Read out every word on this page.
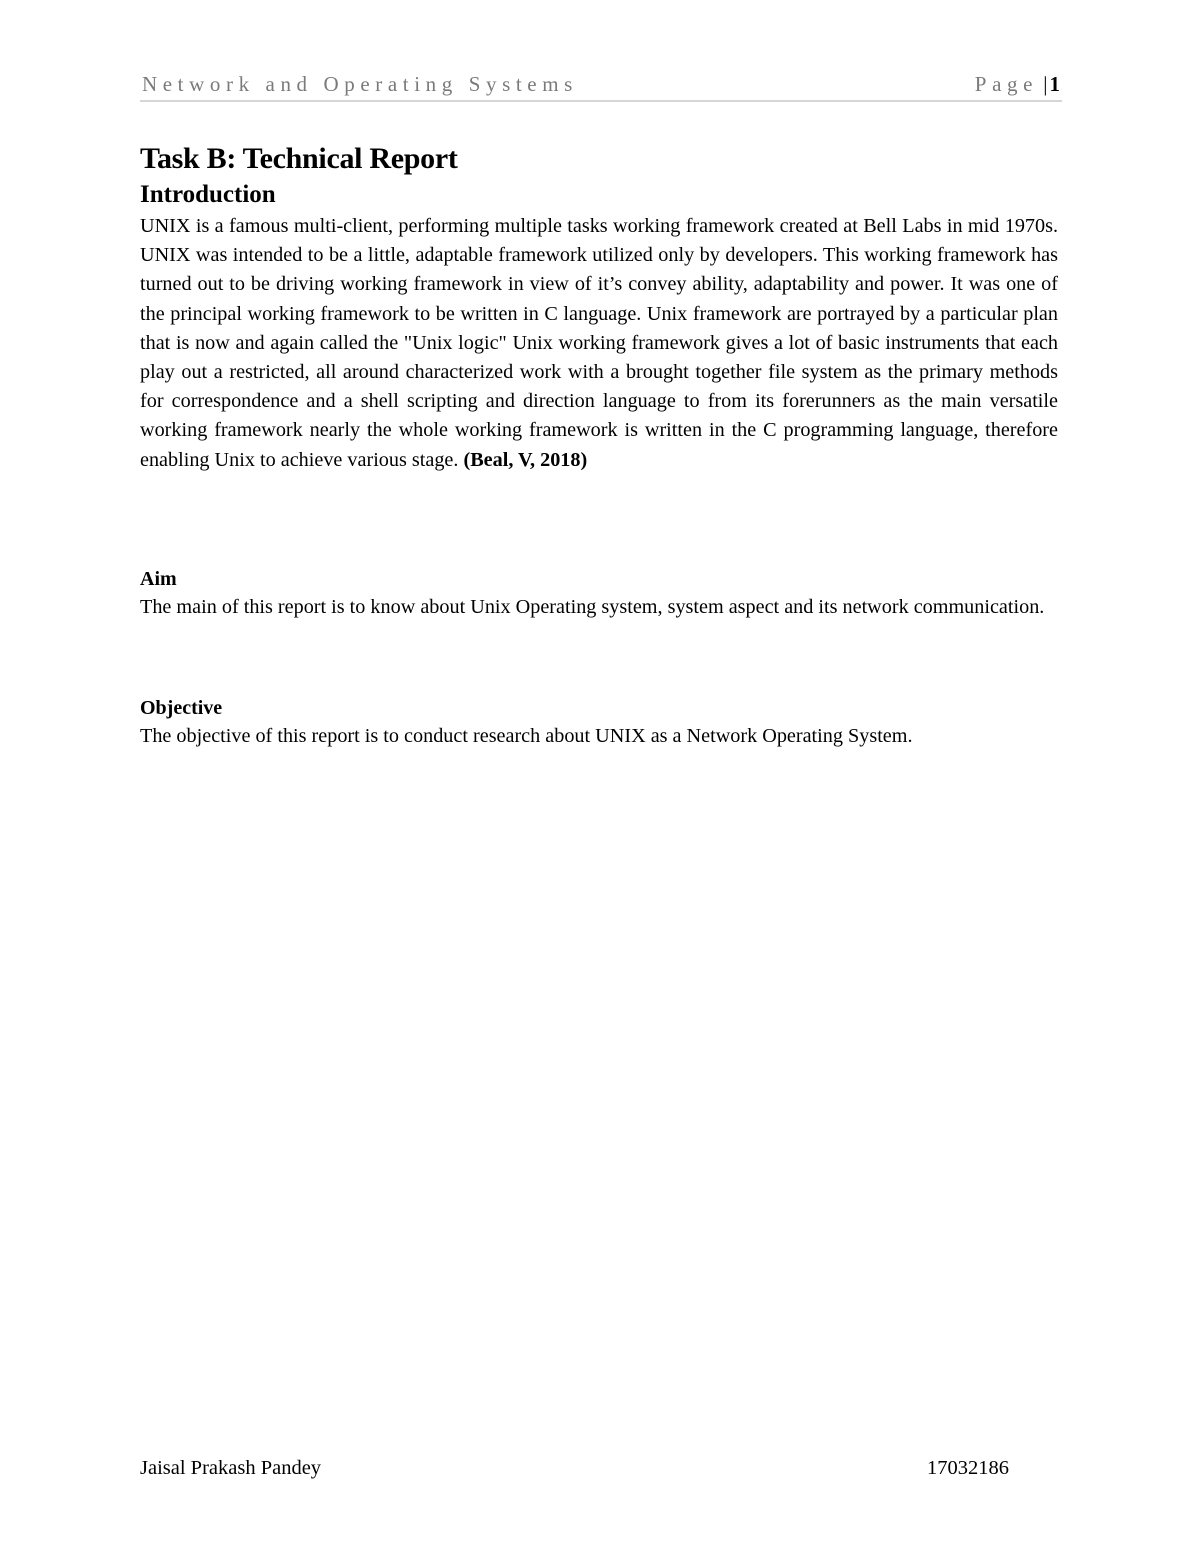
Network and Operating Systems	Page |1
Task B: Technical Report
Introduction

UNIX is a famous multi-client, performing multiple tasks working framework created at Bell Labs in mid 1970s. UNIX was intended to be a little, adaptable framework utilized only by developers. This working framework has turned out to be driving working framework in view of it’s convey ability, adaptability and power. It was one of the principal working framework to be written in C language. Unix framework are portrayed by a particular plan that is now and again called the "Unix logic" Unix working framework gives a lot of basic instruments that each play out a restricted, all around characterized work with a brought together file system as the primary methods for correspondence and a shell scripting and direction language to from its forerunners as the main versatile working framework nearly the whole working framework is written in the C programming language, therefore enabling Unix to achieve various stage. (Beal, V, 2018)

Aim

The main of this report is to know about Unix Operating system, system aspect and its network communication.

Objective

The objective of this report is to conduct research about UNIX as a Network Operating System.

Jaisal Prakash Pandey	17032186
